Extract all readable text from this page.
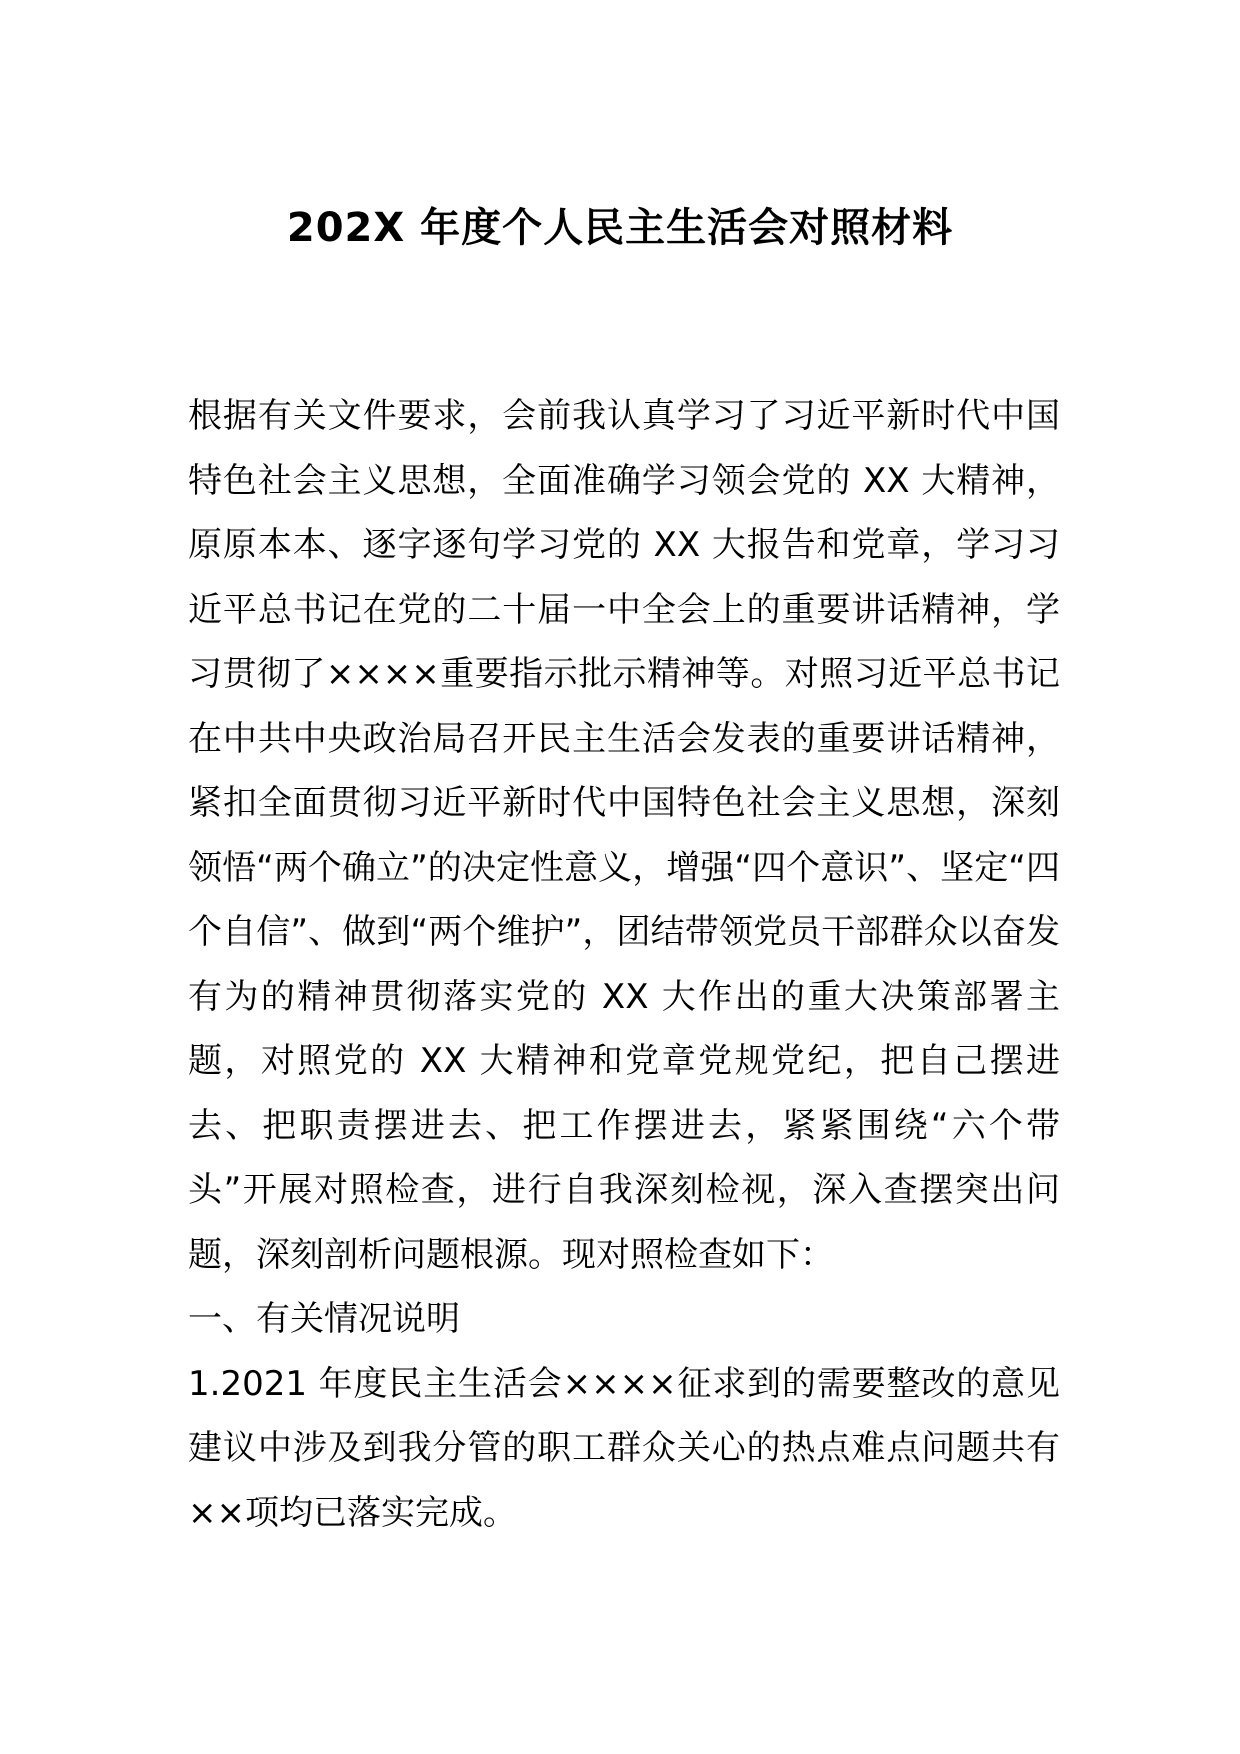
202X 年度个人民主生活会对照材料

根据有关文件要求，会前我认真学习了习近平新时代中国特色社会主义思想，全面准确学习领会党的 XX 大精神，原原本本、逐字逐句学习党的 XX 大报告和党章，学习习近平总书记在党的二十届一中全会上的重要讲话精神，学习贯彻了××××重要指示批示精神等。对照习近平总书记在中共中央政治局召开民主生活会发表的重要讲话精神，紧扣全面贯彻习近平新时代中国特色社会主义思想，深刻领悟“两个确立”的决定性意义，增强“四个意识”、坚定“四个自信”、做到“两个维护”，团结带领党员干部群众以奋发有为的精神贯彻落实党的 XX 大作出的重大决策部署主题，对照党的 XX 大精神和党章党规党纪，把自己摆进去、把职责摆进去、把工作摆进去，紧紧围绕“六个带头”开展对照检查，进行自我深刻检视，深入查摆突出问题，深刻剖析问题根源。现对照检查如下：

一、有关情况说明

1.2021 年度民主生活会××××征求到的需要整改的意见建议中涉及到我分管的职工群众关心的热点难点问题共有××项均已落实完成。
